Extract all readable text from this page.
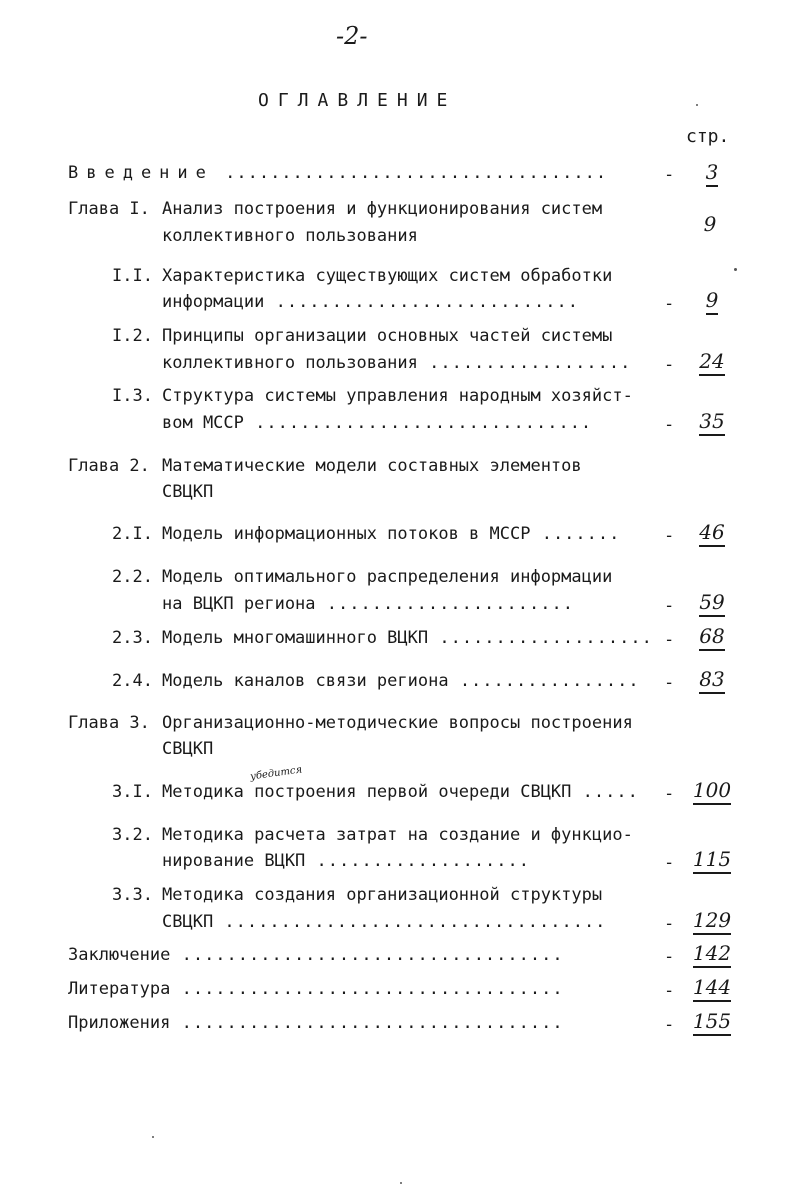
-2-
ОГЛАВЛЕНИЕ
стр.
Введение ..................................	-	3
Глава I. Анализ построения и функционирования систем
коллективного пользования	9
I.I. Характеристика существующих систем обработки
информации ...........................	-	9
I.2. Принципы организации основных частей системы
коллективного пользования .................. -	24
I.3. Структура системы управления народным хозяйст-
вом МССР ..............................	-	35
Глава 2. Математические модели составных элементов
СВЦКП
2.I. Модель информационных потоков в МССР .......	-	46
2.2. Модель оптимального распределения информации
на ВЦКП региона ......................	-	59
2.3. Модель многомашинного ВЦКП ................... -	68
2.4. Модель каналов связи региона ................ -	83
Глава 3. Организационно-методические вопросы построения
СВЦКП
убедится
3.I. Методика построения первой очереди СВЦКП ..... - 100
3.2. Методика расчета затрат на создание и функцио-
нирование ВЦКП ...................	- 115
3.3. Методика создания организационной структуры
СВЦКП ..................................	- 129
Заключение ..................................	- 142
Литература ..................................	- 144
Приложения ..................................	- 155
